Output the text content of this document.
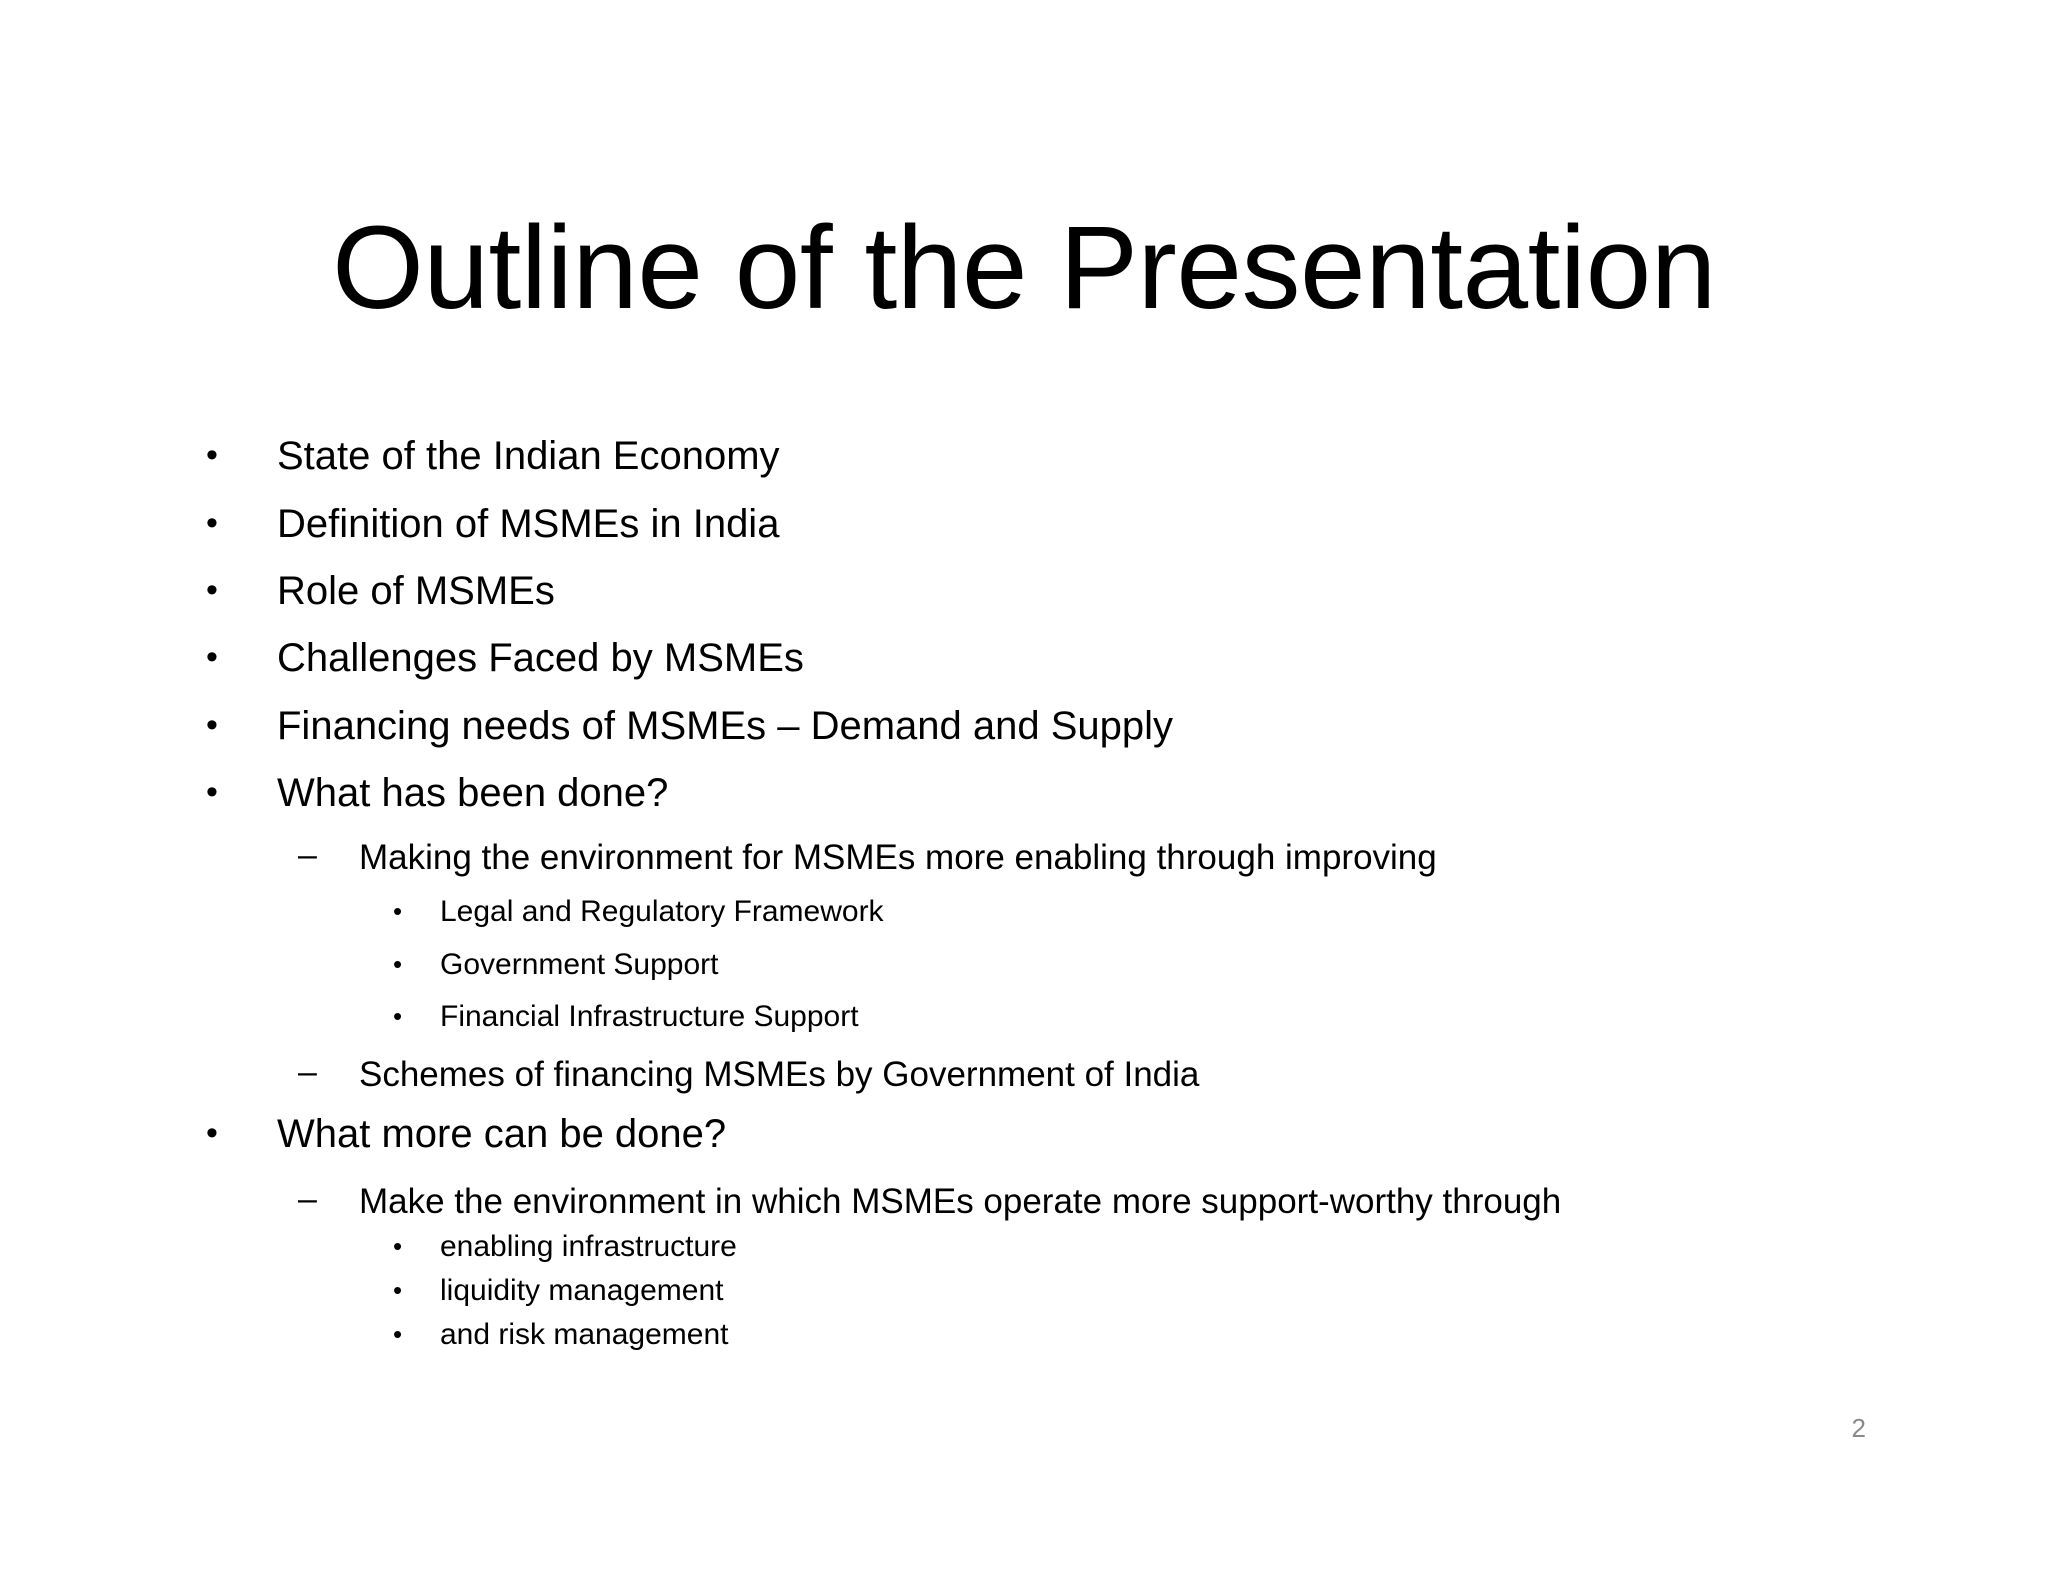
Outline of the Presentation
• State of the Indian Economy
• Definition of MSMEs in India
• Role of MSMEs
• Challenges Faced by MSMEs
• Financing needs of MSMEs – Demand and Supply
• What has been done?
– Making the environment for MSMEs more enabling through improving
• Legal and Regulatory Framework
• Government Support
• Financial Infrastructure Support
– Schemes of financing MSMEs by Government of India
• What more can be done?
– Make the environment in which MSMEs operate more support-worthy through
• enabling infrastructure
• liquidity management
• and risk management
2
